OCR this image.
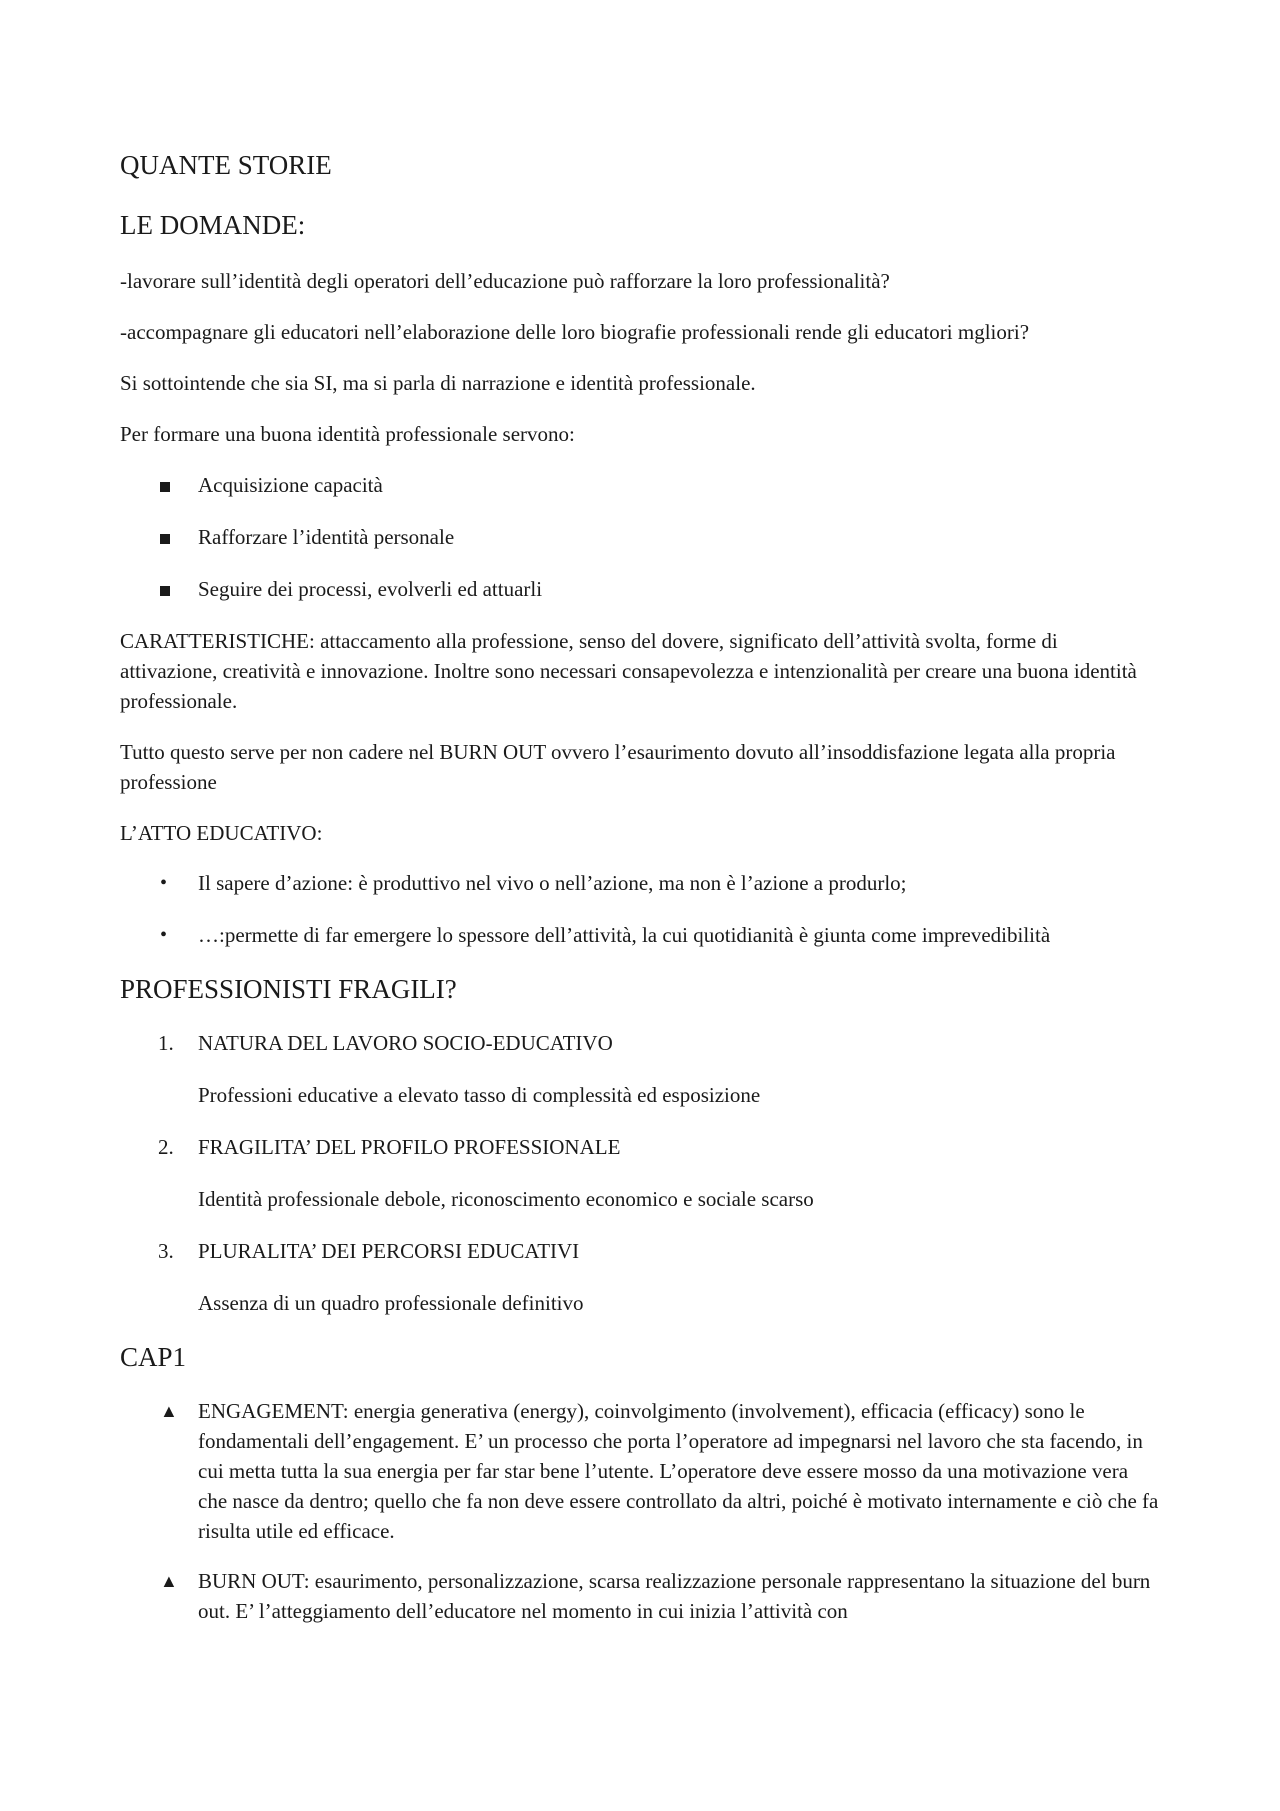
QUANTE STORIE
LE DOMANDE:

-lavorare sull’identità degli operatori dell’educazione può rafforzare la loro professionalità?

-accompagnare gli educatori nell’elaborazione delle loro biografie professionali rende gli educatori mgliori?

Si sottointende che sia SI, ma si parla di narrazione e identità professionale.

Per formare una buona identità professionale servono:

Acquisizione capacità
Rafforzare l’identità personale
Seguire dei processi, evolverli ed attuarli

CARATTERISTICHE: attaccamento alla professione, senso del dovere, significato dell’attività svolta, forme di attivazione, creatività e innovazione. Inoltre sono necessari consapevolezza e intenzionalità per creare una buona identità professionale.

Tutto questo serve per non cadere nel BURN OUT ovvero l’esaurimento dovuto all’insoddisfazione legata alla propria professione

L’ATTO EDUCATIVO:

•	Il sapere d’azione: è produttivo nel vivo o nell’azione, ma non è l’azione a produrlo;
•	…:permette di far emergere lo spessore dell’attività, la cui quotidianità è giunta come imprevedibilità
PROFESSIONISTI FRAGILI?
1. NATURA DEL LAVORO SOCIO-EDUCATIVO

Professioni educative a elevato tasso di complessità ed esposizione

2. FRAGILITA’ DEL PROFILO PROFESSIONALE

Identità professionale debole, riconoscimento economico e sociale scarso

3. PLURALITA’ DEI PERCORSI EDUCATIVI

Assenza di un quadro professionale definitivo

CAP1
▲ ENGAGEMENT: energia generativa (energy), coinvolgimento (involvement), efficacia (efficacy) sono le fondamentali dell’engagement. E’ un processo che porta l’operatore ad impegnarsi nel lavoro che sta facendo, in cui metta tutta la sua energia per far star bene l’utente. L’operatore deve essere mosso da una motivazione vera che nasce da dentro; quello che fa non deve essere controllato da altri, poiché è motivato internamente e ciò che fa risulta utile ed efficace.
▲ BURN OUT: esaurimento, personalizzazione, scarsa realizzazione personale rappresentano la situazione del burn out. E’ l’atteggiamento dell’educatore nel momento in cui inizia l’attività con
